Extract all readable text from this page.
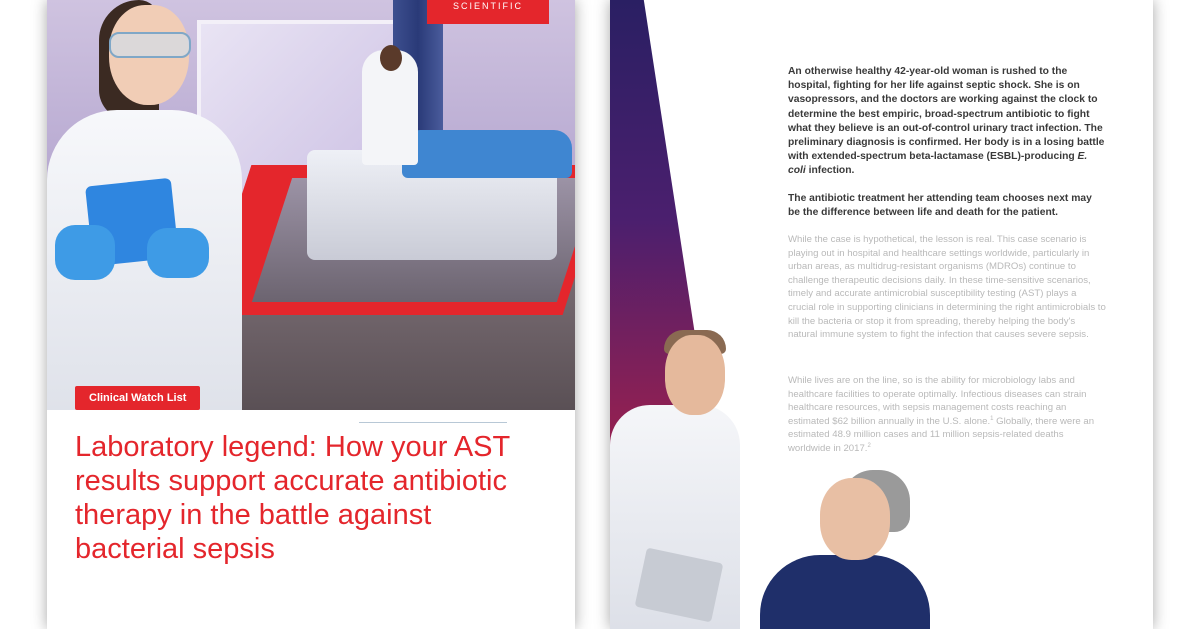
SCIENTIFIC
Clinical Watch List
Laboratory legend: How your AST results support accurate antibiotic therapy in the battle against bacterial sepsis

An otherwise healthy 42-year-old woman is rushed to the hospital, fighting for her life against septic shock. She is on vasopressors, and the doctors are working against the clock to determine the best empiric, broad-spectrum antibiotic to fight what they believe is an out-of-control urinary tract infection. The preliminary diagnosis is confirmed. Her body is in a losing battle with extended-spectrum beta-lactamase (ESBL)-producing E. coli infection.

The antibiotic treatment her attending team chooses next may be the difference between life and death for the patient.

While the case is hypothetical, the lesson is real. This case scenario is playing out in hospital and healthcare settings worldwide, particularly in urban areas, as multidrug-resistant organisms (MDROs) continue to challenge therapeutic decisions daily. In these time-sensitive scenarios, timely and accurate antimicrobial susceptibility testing (AST) plays a crucial role in supporting clinicians in determining the right antimicrobials to kill the bacteria or stop it from spreading, thereby helping the body's natural immune system to fight the infection that causes severe sepsis.

While lives are on the line, so is the ability for microbiology labs and healthcare facilities to operate optimally. Infectious diseases can strain healthcare resources, with sepsis management costs reaching an estimated $62 billion annually in the U.S. alone.$^1$ Globally, there were an estimated 48.9 million cases and 11 million sepsis-related deaths worldwide in 2017.$^2$
